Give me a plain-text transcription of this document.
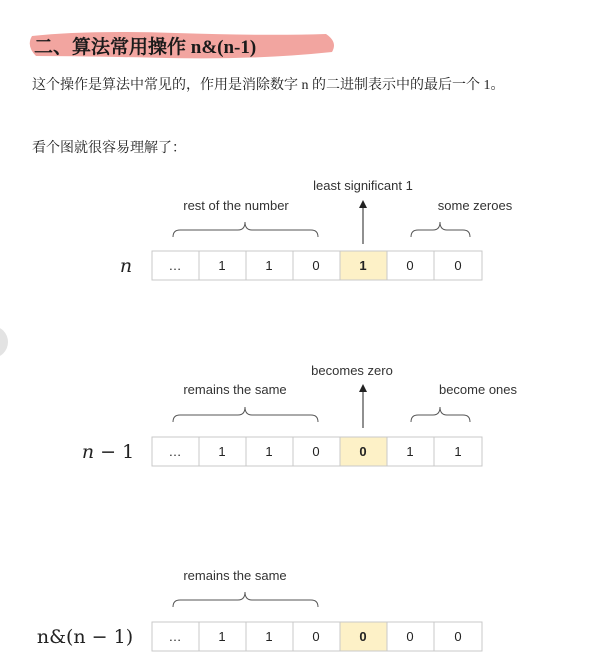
二、算法常用操作 n&(n-1)
这个操作是算法中常见的，作用是消除数字 n 的二进制表示中的最后一个 1。
看个图就很容易理解了：
least significant 1
rest of the number	some zeroes
n	…	1	1	0	1	0	0
becomes zero
remains the same	become ones
n − 1	…	1	1	0	0	1	1
remains the same
n&(n − 1)	…	1	1	0	0	0	0
